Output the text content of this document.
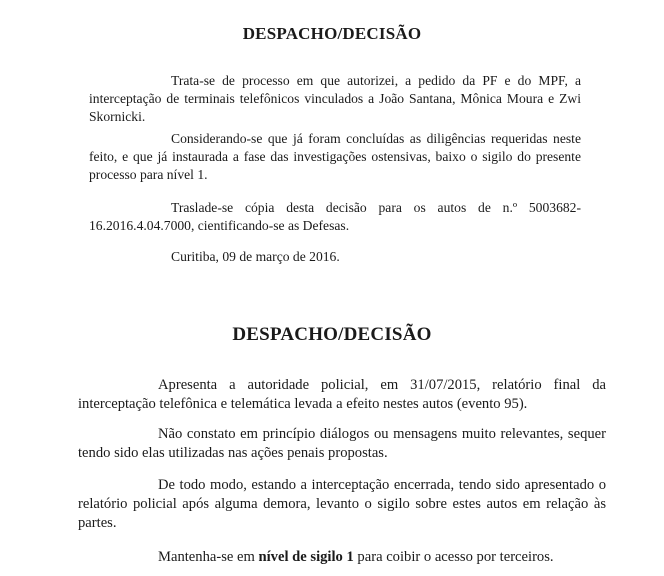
DESPACHO/DECISÃO

Trata-se de processo em que autorizei, a pedido da PF e do MPF, a interceptação de terminais telefônicos vinculados a João Santana, Mônica Moura e Zwi Skornicki.

Considerando-se que já foram concluídas as diligências requeridas neste feito, e que já instaurada a fase das investigações ostensivas, baixo o sigilo do presente processo para nível 1.

Traslade-se cópia desta decisão para os autos de n.º 5003682-16.2016.4.04.7000, cientificando-se as Defesas.

Curitiba, 09 de março de 2016.

DESPACHO/DECISÃO

Apresenta a autoridade policial, em 31/07/2015, relatório final da interceptação telefônica e telemática levada a efeito nestes autos (evento 95).

Não constato em princípio diálogos ou mensagens muito relevantes, sequer tendo sido elas utilizadas nas ações penais propostas.

De todo modo, estando a interceptação encerrada, tendo sido apresentado o relatório policial após alguma demora, levanto o sigilo sobre estes autos em relação às partes.

Mantenha-se em nível de sigilo 1 para coibir o acesso por terceiros.
